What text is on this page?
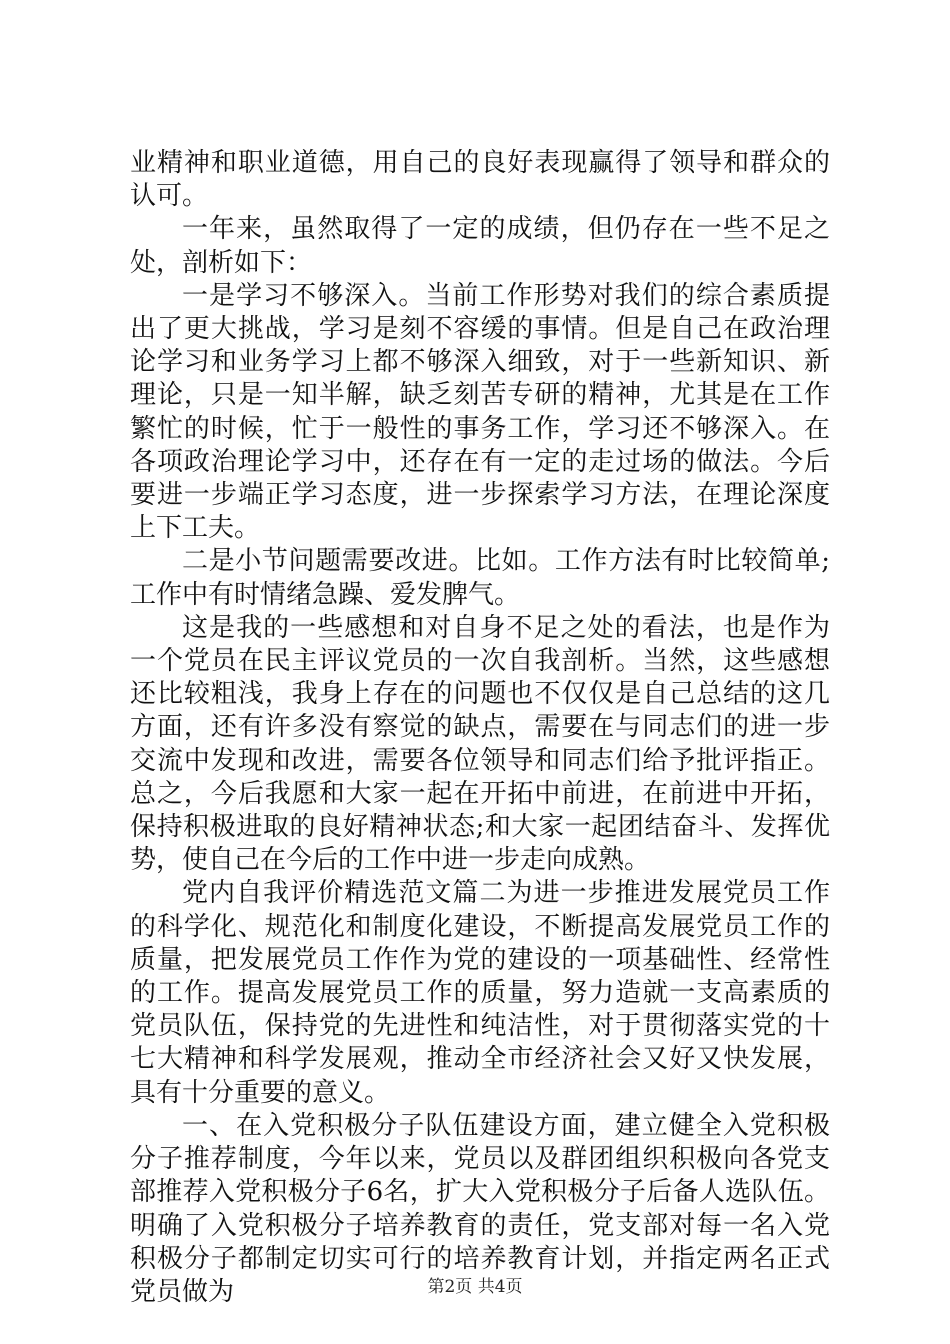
业精神和职业道德，用自己的良好表现赢得了领导和群众的认可。

一年来，虽然取得了一定的成绩，但仍存在一些不足之处，剖析如下：

一是学习不够深入。当前工作形势对我们的综合素质提出了更大挑战，学习是刻不容缓的事情。但是自己在政治理论学习和业务学习上都不够深入细致，对于一些新知识、新理论，只是一知半解，缺乏刻苦专研的精神，尤其是在工作繁忙的时候，忙于一般性的事务工作，学习还不够深入。在各项政治理论学习中，还存在有一定的走过场的做法。今后要进一步端正学习态度，进一步探索学习方法，在理论深度上下工夫。

二是小节问题需要改进。比如。工作方法有时比较简单;工作中有时情绪急躁、爱发脾气。

这是我的一些感想和对自身不足之处的看法，也是作为一个党员在民主评议党员的一次自我剖析。当然，这些感想还比较粗浅，我身上存在的问题也不仅仅是自己总结的这几方面，还有许多没有察觉的缺点，需要在与同志们的进一步交流中发现和改进，需要各位领导和同志们给予批评指正。总之，今后我愿和大家一起在开拓中前进，在前进中开拓，保持积极进取的良好精神状态;和大家一起团结奋斗、发挥优势，使自己在今后的工作中进一步走向成熟。

党内自我评价精选范文篇二为进一步推进发展党员工作的科学化、规范化和制度化建设，不断提高发展党员工作的质量，把发展党员工作作为党的建设的一项基础性、经常性的工作。提高发展党员工作的质量，努力造就一支高素质的党员队伍，保持党的先进性和纯洁性，对于贯彻落实党的十七大精神和科学发展观，推动全市经济社会又好又快发展，具有十分重要的意义。

一、在入党积极分子队伍建设方面，建立健全入党积极分子推荐制度，今年以来，党员以及群团组织积极向各党支部推荐入党积极分子6名，扩大入党积极分子后备人选队伍。明确了入党积极分子培养教育的责任，党支部对每一名入党积极分子都制定切实可行的培养教育计划，并指定两名正式党员做为	第2页 共4页
